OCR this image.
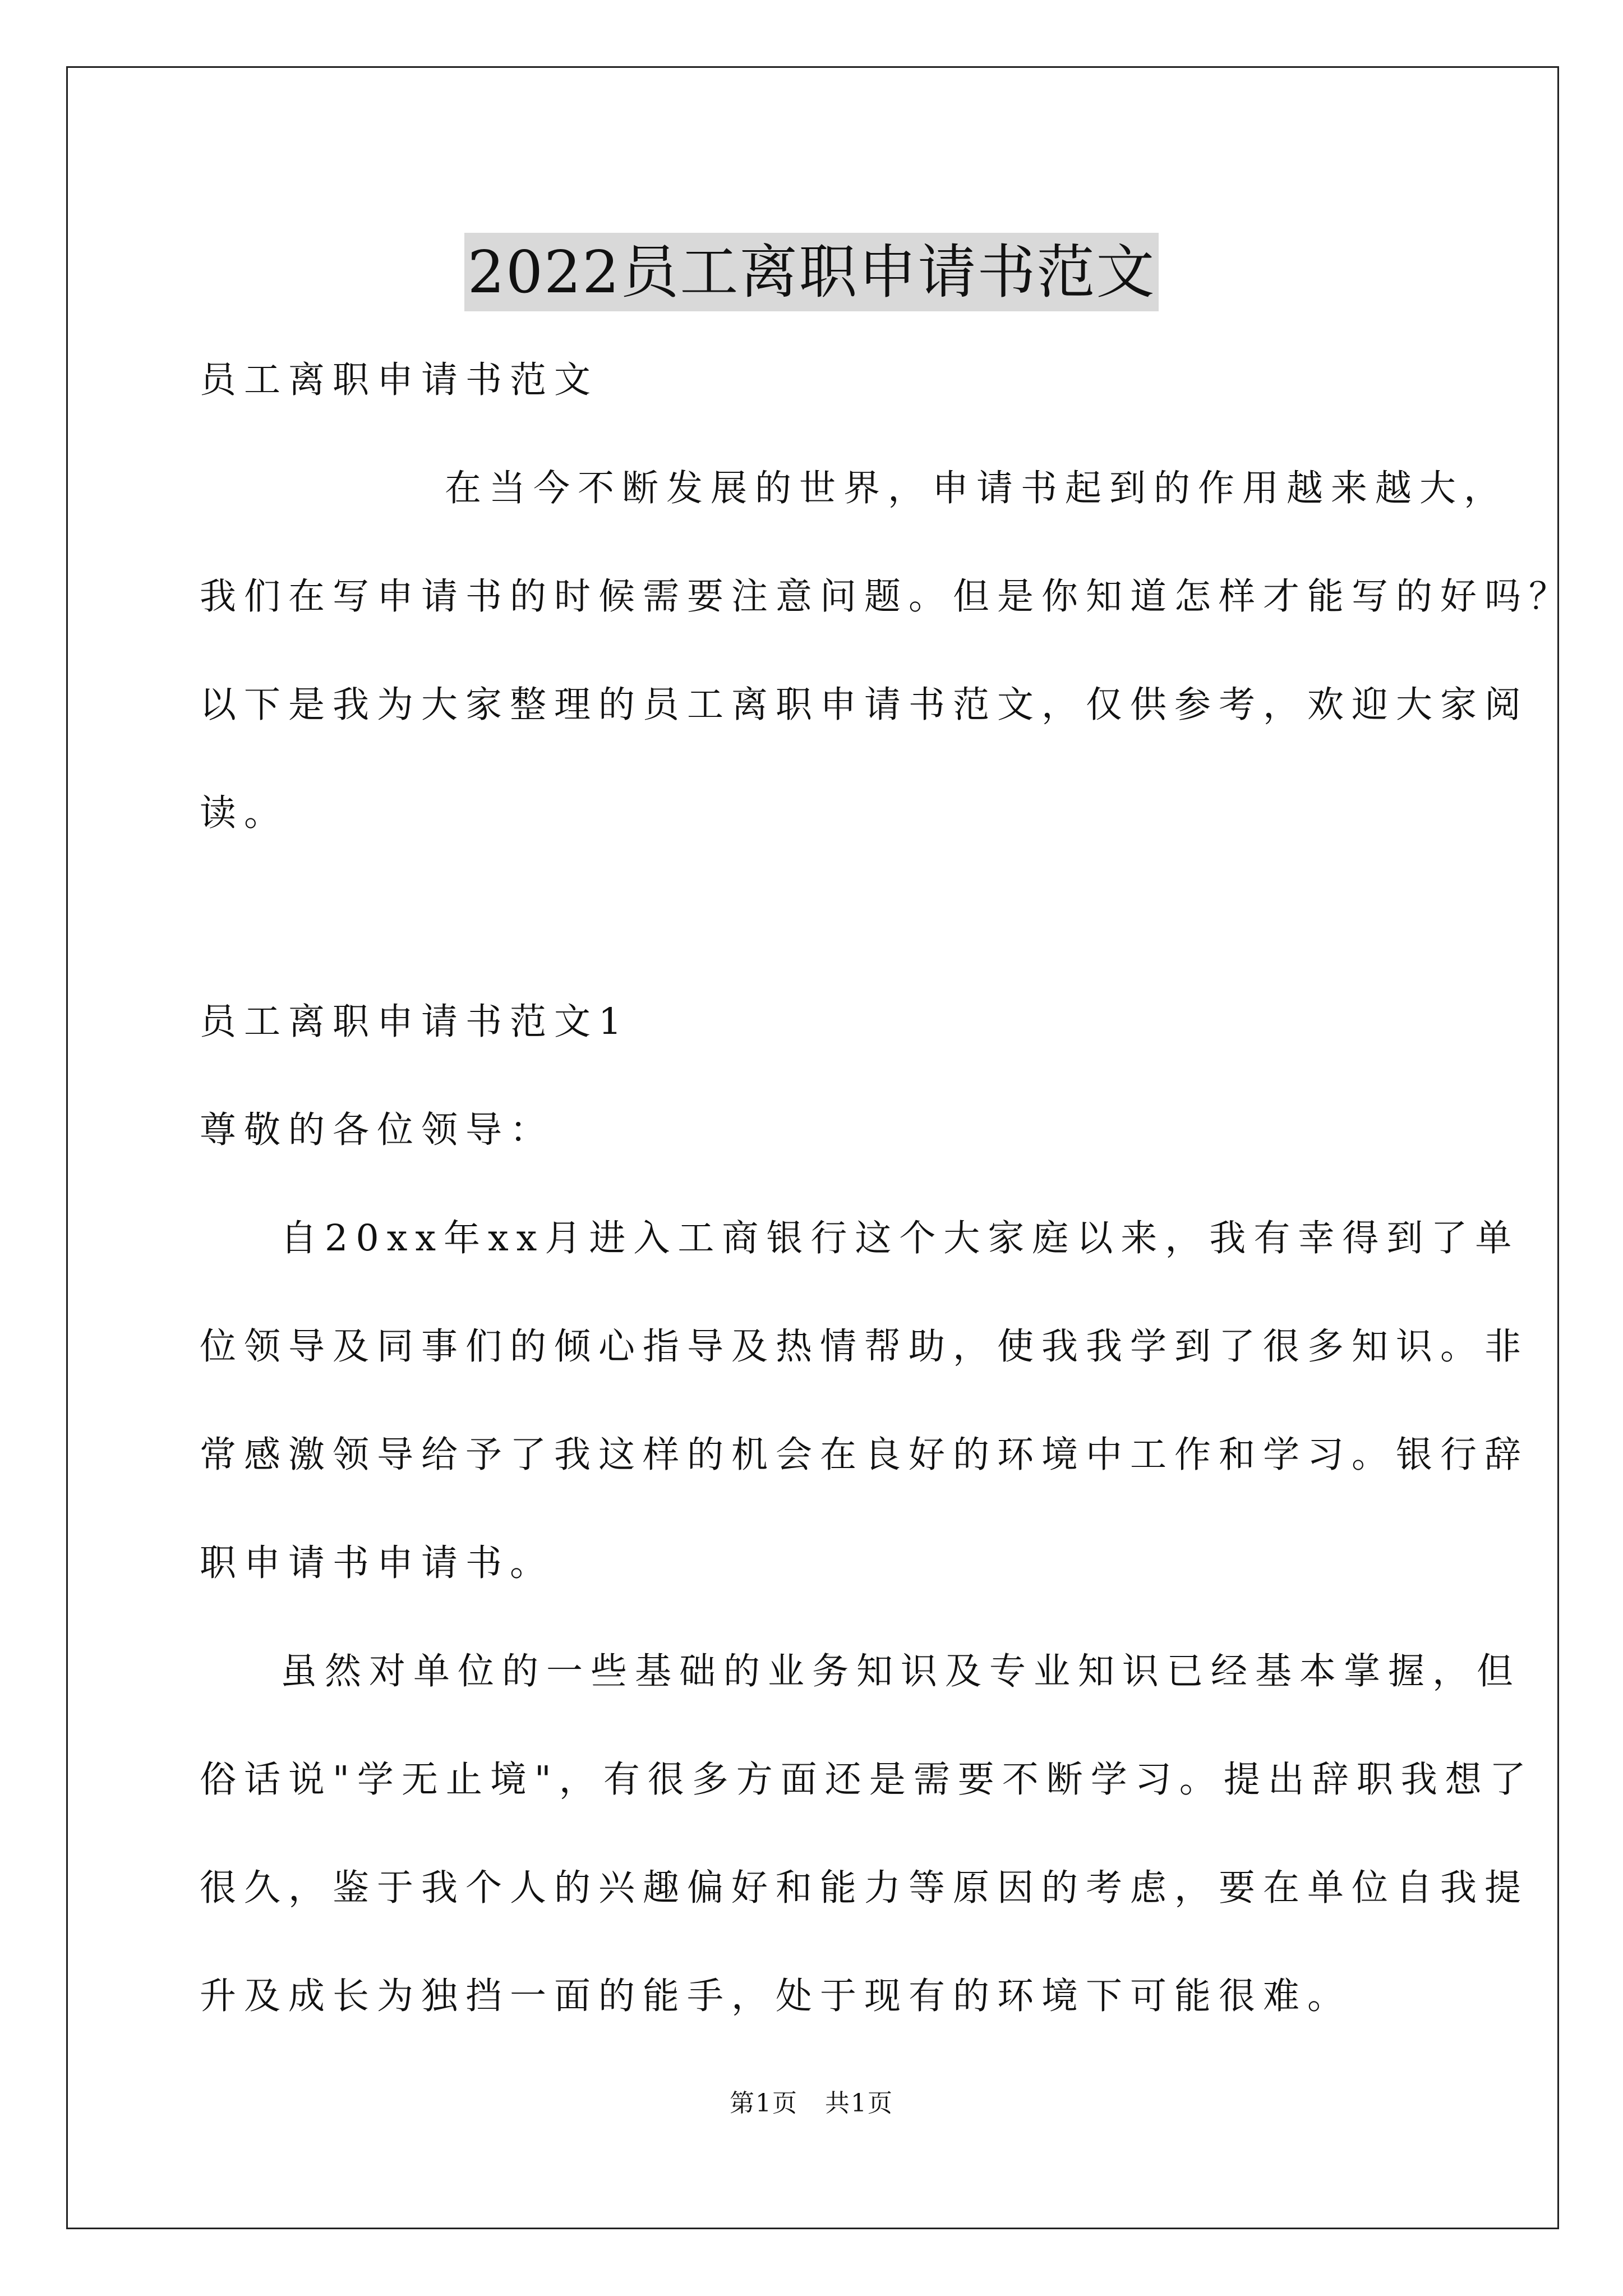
2022员工离职申请书范文
员工离职申请书范文
在当今不断发展的世界，申请书起到的作用越来越大，
我们在写申请书的时候需要注意问题。但是你知道怎样才能写的好吗？
以下是我为大家整理的员工离职申请书范文，仅供参考，欢迎大家阅
读。
员工离职申请书范文1
尊敬的各位领导：
自20xx年xx月进入工商银行这个大家庭以来，我有幸得到了单
位领导及同事们的倾心指导及热情帮助，使我我学到了很多知识。非
常感激领导给予了我这样的机会在良好的环境中工作和学习。银行辞
职申请书申请书。
虽然对单位的一些基础的业务知识及专业知识已经基本掌握，但
俗话说"学无止境"，有很多方面还是需要不断学习。提出辞职我想了
很久，鉴于我个人的兴趣偏好和能力等原因的考虑，要在单位自我提
升及成长为独挡一面的能手，处于现有的环境下可能很难。
第1页   共1页
